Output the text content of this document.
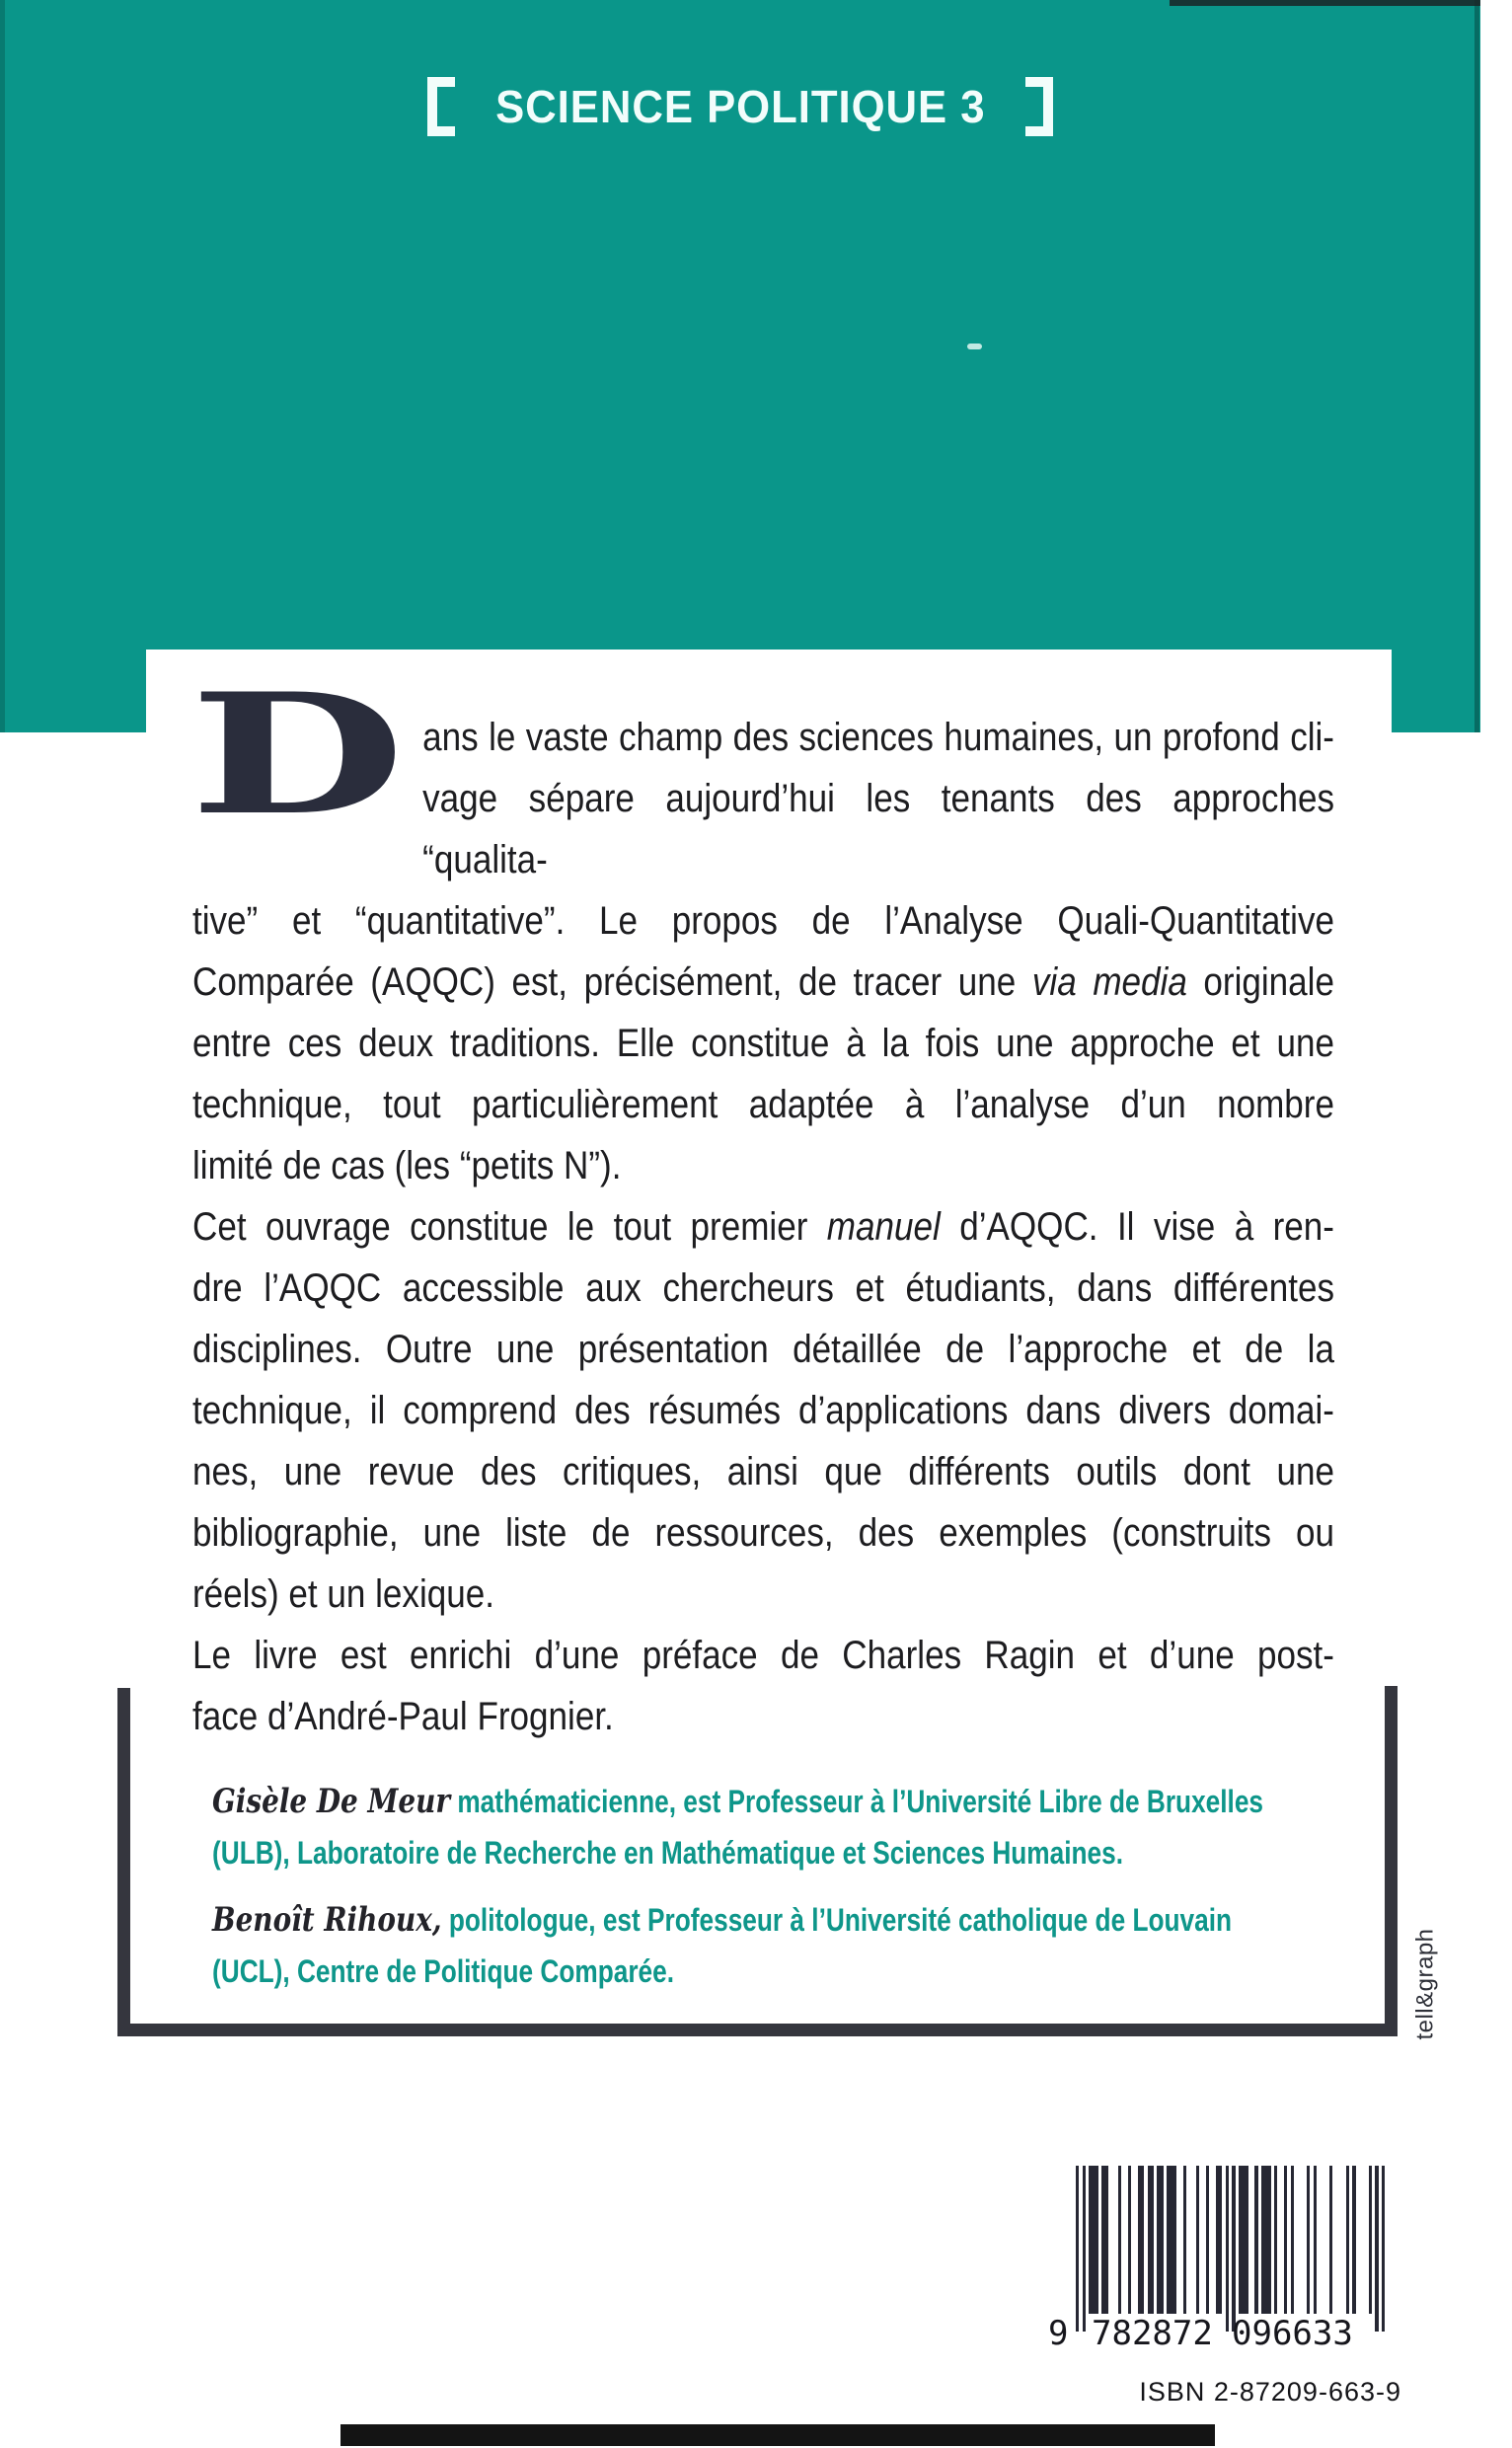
SCIENCE POLITIQUE 3
D ans le vaste champ des sciences humaines, un profond cli-
vage sépare aujourd’hui les tenants des approches “qualita-
tive” et “quantitative”. Le propos de l’Analyse Quali-Quantitative
Comparée (AQQC) est, précisément, de tracer une via media originale
entre ces deux traditions. Elle constitue à la fois une approche et une
technique, tout particulièrement adaptée à l’analyse d’un nombre
limité de cas (les “petits N”).
Cet ouvrage constitue le tout premier manuel d’AQQC. Il vise à ren-
dre l’AQQC accessible aux chercheurs et étudiants, dans différentes
disciplines. Outre une présentation détaillée de l’approche et de la
technique, il comprend des résumés d’applications dans divers domai-
nes, une revue des critiques, ainsi que différents outils dont une
bibliographie, une liste de ressources, des exemples (construits ou
réels) et un lexique.
Le livre est enrichi d’une préface de Charles Ragin et d’une post-
face d’André-Paul Frognier.
Gisèle De Meur mathématicienne, est Professeur à l’Université Libre de Bruxelles
(ULB), Laboratoire de Recherche en Mathématique et Sciences Humaines.
Benoît Rihoux, politologue, est Professeur à l’Université catholique de Louvain
(UCL), Centre de Politique Comparée.	tell&graph
9 782872 096633
ISBN 2-87209-663-9
